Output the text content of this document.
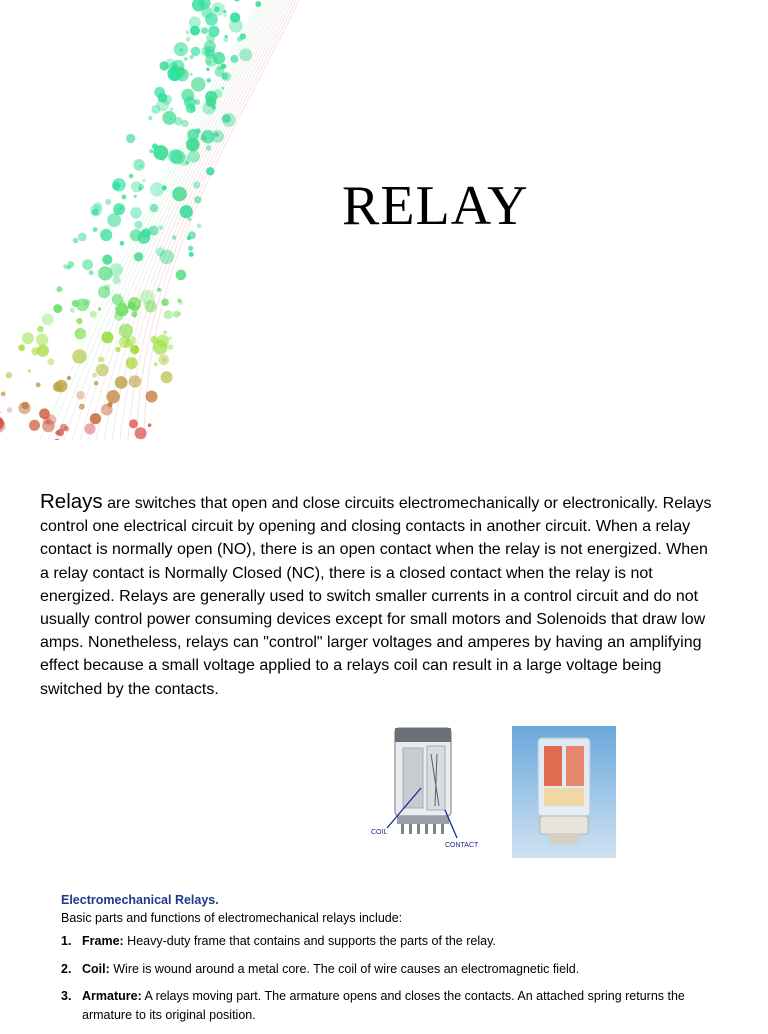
RELAY

Relays are switches that open and close circuits electromechanically or electronically. Relays control one electrical circuit by opening and closing contacts in another circuit. When a relay contact is normally open (NO), there is an open contact when the relay is not energized. When a relay contact is Normally Closed (NC), there is a closed contact when the relay is not energized. Relays are generally used to switch smaller currents in a control circuit and do not usually control power consuming devices except for small motors and Solenoids that draw low amps. Nonetheless, relays can "control" larger voltages and amperes by having an amplifying effect because a small voltage applied to a relays coil can result in a large voltage being switched by the contacts.

COIL
CONTACT
Electromechanical Relays.
Basic parts and functions of electromechanical relays include:
1. Frame: Heavy-duty frame that contains and supports the parts of the relay.
2. Coil: Wire is wound around a metal core. The coil of wire causes an electromagnetic field.
3. Armature: A relays moving part. The armature opens and closes the contacts. An attached spring returns the armature to its original position.
